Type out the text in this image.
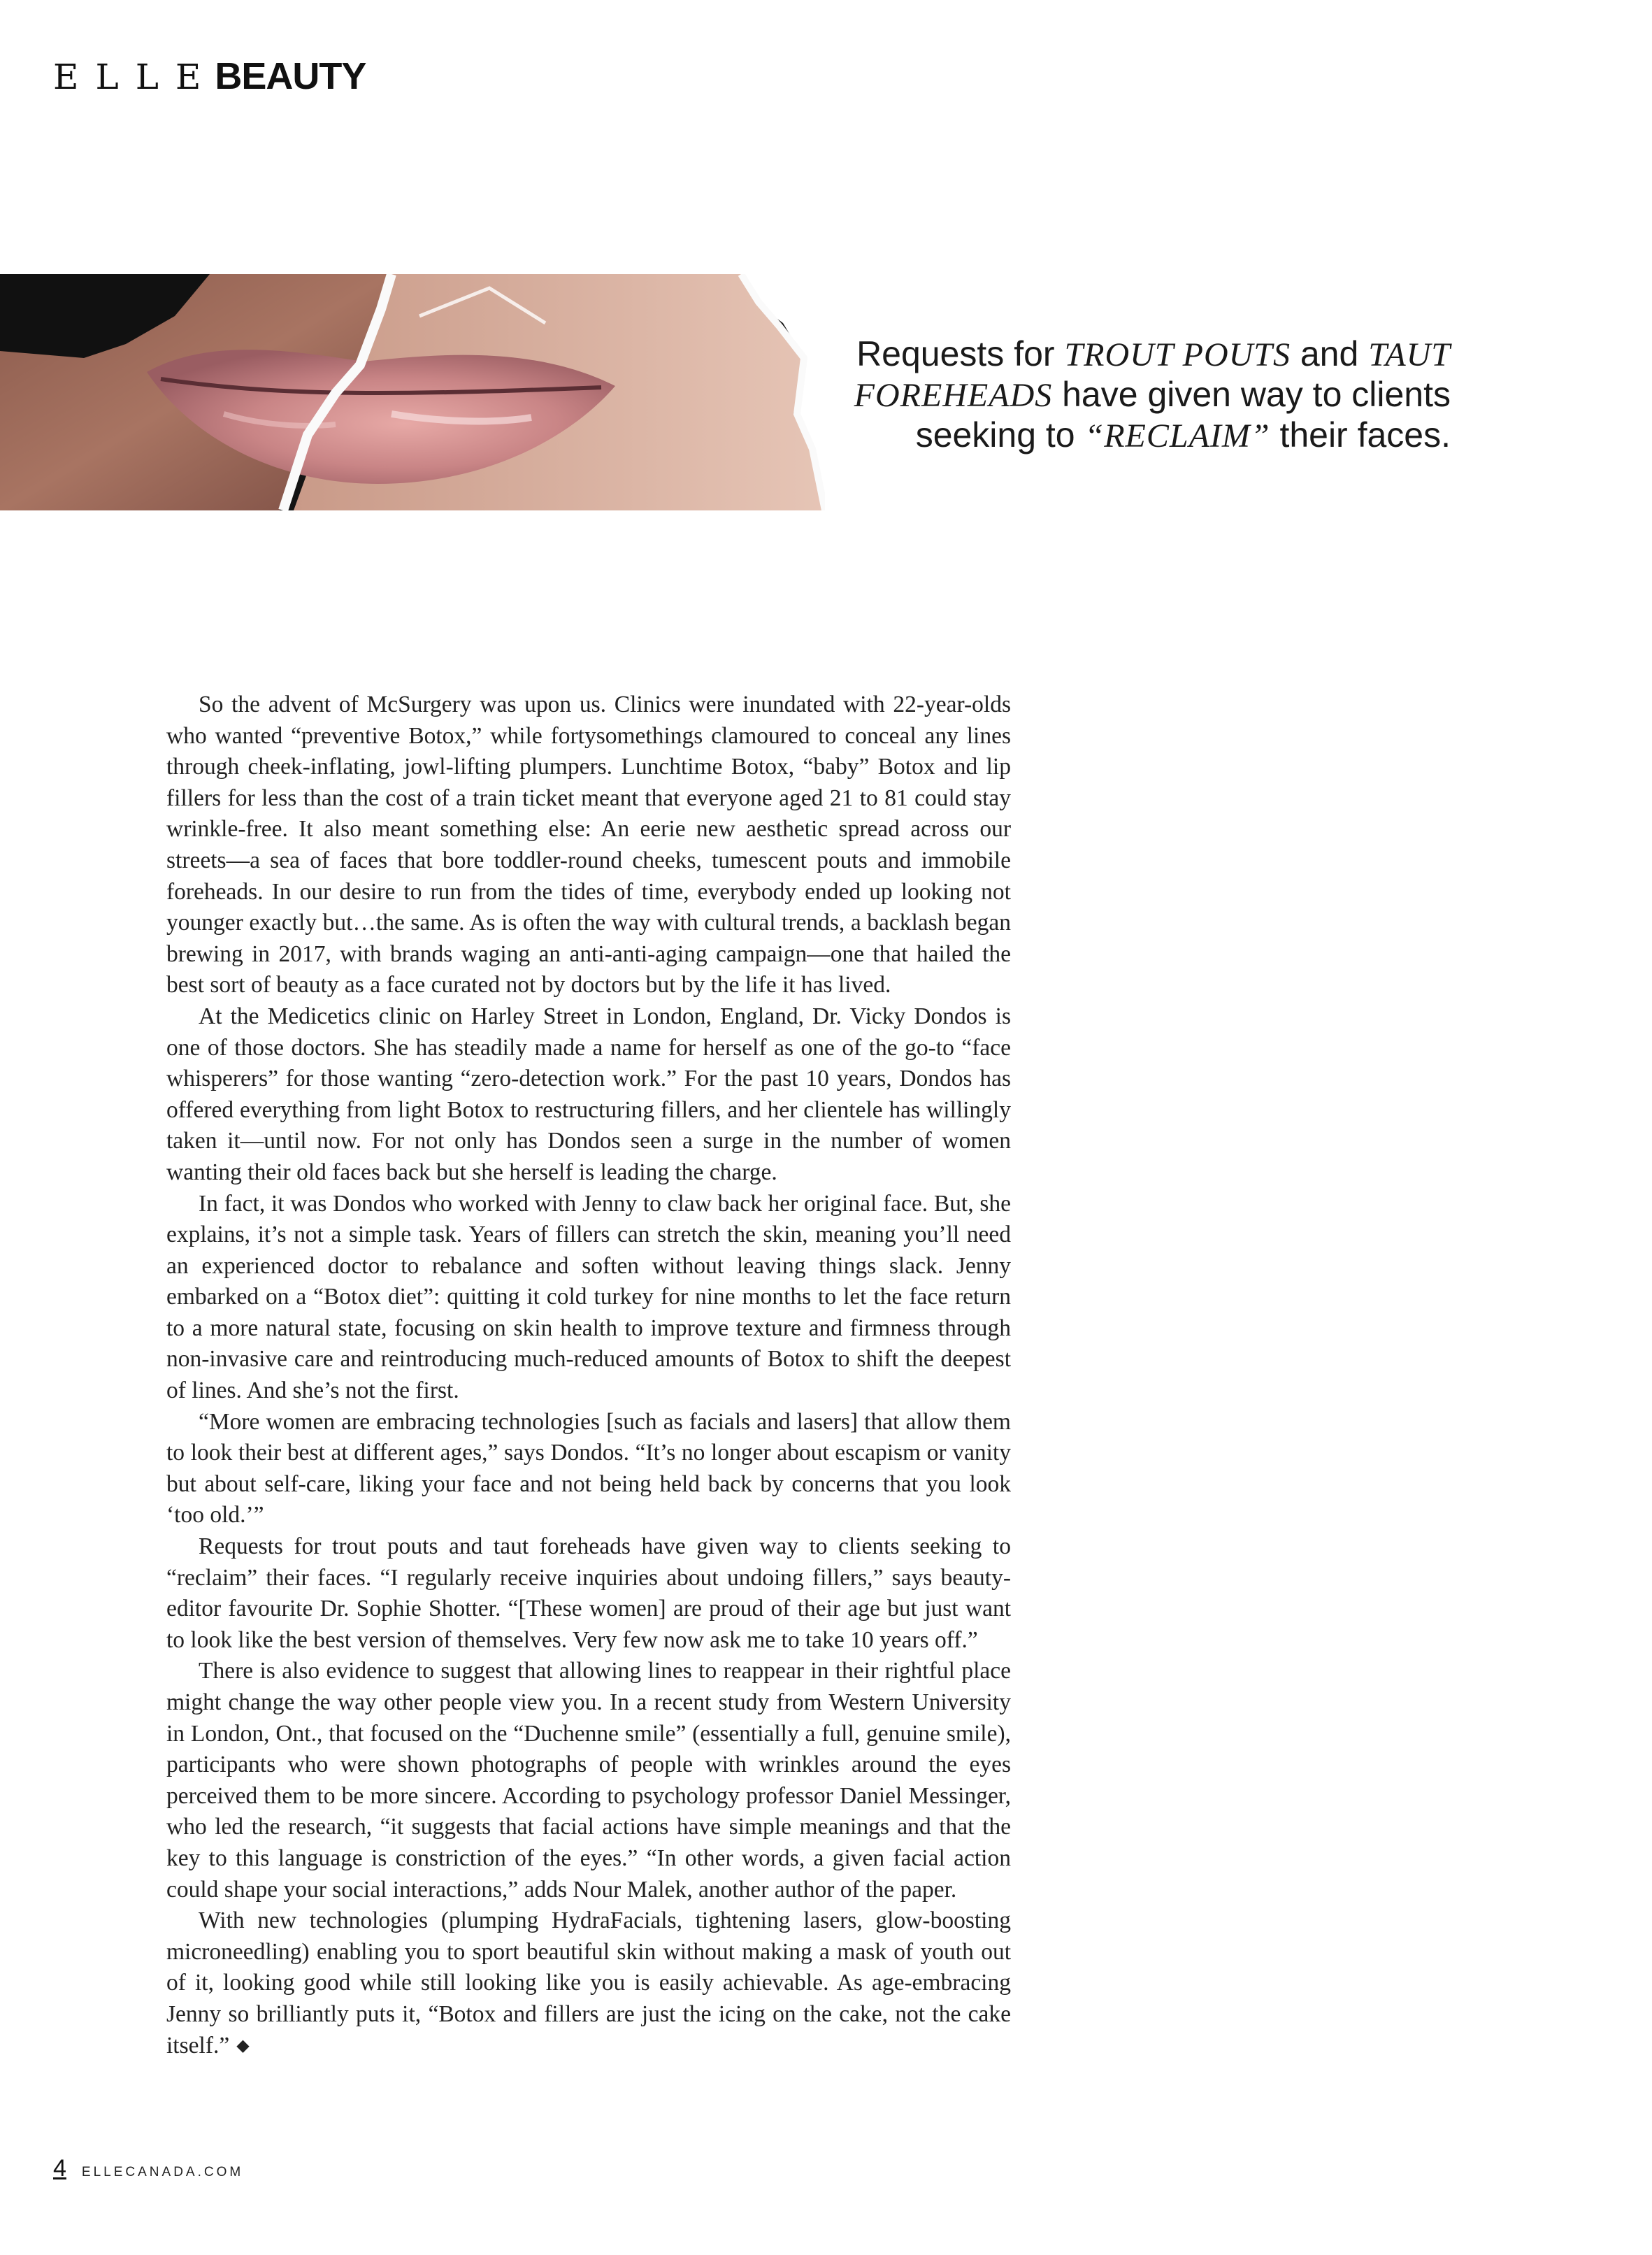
ELLE
BEAUTY
Requests for TROUT POUTS and TAUT FOREHEADS have given way to clients seeking to “RECLAIM” their faces.

So the advent of McSurgery was upon us. Clinics were inundated with 22-year-olds who wanted “preventive Botox,” while fortysomethings clamoured to conceal any lines through cheek-inflating, jowl-lifting plumpers. Lunchtime Botox, “baby” Botox and lip fillers for less than the cost of a train ticket meant that everyone aged 21 to 81 could stay wrinkle-free. It also meant something else: An eerie new aesthetic spread across our streets—a sea of faces that bore toddler-round cheeks, tumescent pouts and immobile foreheads. In our desire to run from the tides of time, everybody ended up looking not younger exactly but…the same. As is often the way with cultural trends, a backlash began brewing in 2017, with brands waging an anti-anti-aging campaign—one that hailed the best sort of beauty as a face curated not by doctors but by the life it has lived.

At the Medicetics clinic on Harley Street in London, England, Dr. Vicky Dondos is one of those doctors. She has steadily made a name for herself as one of the go-to “face whisperers” for those wanting “zero-detection work.” For the past 10 years, Dondos has offered everything from light Botox to restructuring fillers, and her clientele has willingly taken it—until now. For not only has Dondos seen a surge in the number of women wanting their old faces back but she herself is leading the charge.

In fact, it was Dondos who worked with Jenny to claw back her original face. But, she explains, it’s not a simple task. Years of fillers can stretch the skin, meaning you’ll need an experienced doctor to rebalance and soften without leaving things slack. Jenny embarked on a “Botox diet”: quitting it cold turkey for nine months to let the face return to a more natural state, focusing on skin health to improve texture and firmness through non-invasive care and reintroducing much-reduced amounts of Botox to shift the deepest of lines. And she’s not the first.

“More women are embracing technologies [such as facials and lasers] that allow them to look their best at different ages,” says Dondos. “It’s no longer about escapism or vanity but about self-care, liking your face and not being held back by concerns that you look ‘too old.’”

Requests for trout pouts and taut foreheads have given way to clients seeking to “reclaim” their faces. “I regularly receive inquiries about undoing fillers,” says beauty-editor favourite Dr. Sophie Shotter. “[These women] are proud of their age but just want to look like the best version of themselves. Very few now ask me to take 10 years off.”

There is also evidence to suggest that allowing lines to reappear in their rightful place might change the way other people view you. In a recent study from Western University in London, Ont., that focused on the “Duchenne smile” (essentially a full, genuine smile), participants who were shown photographs of people with wrinkles around the eyes perceived them to be more sincere. According to psychology professor Daniel Messinger, who led the research, “it suggests that facial actions have simple meanings and that the key to this language is constriction of the eyes.” “In other words, a given facial action could shape your social interactions,” adds Nour Malek, another author of the paper.

With new technologies (plumping HydraFacials, tightening lasers, glow-boosting microneedling) enabling you to sport beautiful skin without making a mask of youth out of it, looking good while still looking like you is easily achievable. As age-embracing Jenny so brilliantly puts it, “Botox and fillers are just the icing on the cake, not the cake itself.” ◆

4 ELLECANADA.COM
